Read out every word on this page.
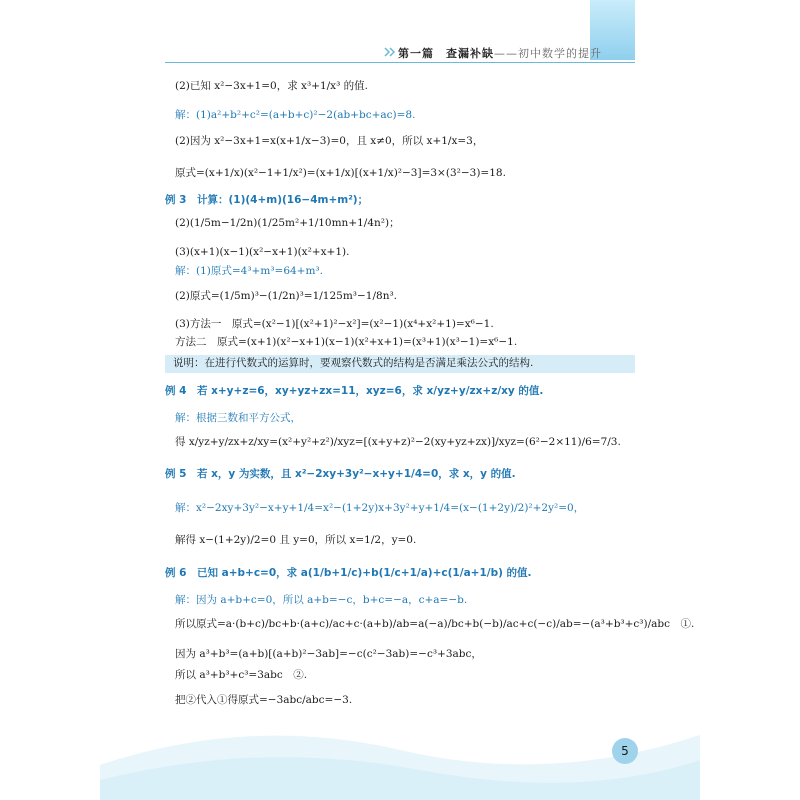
第一篇　查漏补缺——初中数学的提升
(2)已知 x²−3x+1=0，求 x³+1/x³ 的值.
解：(1)a²+b²+c²=(a+b+c)²−2(ab+bc+ac)=8.
(2)因为 x²−3x+1=x(x+1/x−3)=0，且 x≠0，所以 x+1/x=3，
原式=(x+1/x)(x²−1+1/x²)=(x+1/x)[(x+1/x)²−3]=3×(3²−3)=18.
例 3　计算：(1)(4+m)(16−4m+m²)；
(2)(1/5m−1/2n)(1/25m²+1/10mn+1/4n²)；
(3)(x+1)(x−1)(x²−x+1)(x²+x+1).
解：(1)原式=4³+m³=64+m³.
(2)原式=(1/5m)³−(1/2n)³=1/125m³−1/8n³.
(3)方法一　原式=(x²−1)[(x²+1)²−x²]=(x²−1)(x⁴+x²+1)=x⁶−1.
方法二　原式=(x+1)(x²−x+1)(x−1)(x²+x+1)=(x³+1)(x³−1)=x⁶−1.
说明：在进行代数式的运算时，要观察代数式的结构是否满足乘法公式的结构.
例 4　若 x+y+z=6，xy+yz+zx=11，xyz=6，求 x/yz+y/zx+z/xy 的值.
解：根据三数和平方公式，
得 x/yz+y/zx+z/xy=(x²+y²+z²)/xyz=[(x+y+z)²−2(xy+yz+zx)]/xyz=(6²−2×11)/6=7/3.
例 5　若 x，y 为实数，且 x²−2xy+3y²−x+y+1/4=0，求 x，y 的值.
解：x²−2xy+3y²−x+y+1/4=x²−(1+2y)x+3y²+y+1/4=(x−(1+2y)/2)²+2y²=0，
解得 x−(1+2y)/2=0 且 y=0，所以 x=1/2，y=0.
例 6　已知 a+b+c=0，求 a(1/b+1/c)+b(1/c+1/a)+c(1/a+1/b) 的值.
解：因为 a+b+c=0，所以 a+b=−c，b+c=−a，c+a=−b.
所以原式=a·(b+c)/bc+b·(a+c)/ac+c·(a+b)/ab=a(−a)/bc+b(−b)/ac+c(−c)/ab=−(a³+b³+c³)/abc　①.
因为 a³+b³=(a+b)[(a+b)²−3ab]=−c(c²−3ab)=−c³+3abc，
所以 a³+b³+c³=3abc　②.
把②代入①得原式=−3abc/abc=−3.
5
